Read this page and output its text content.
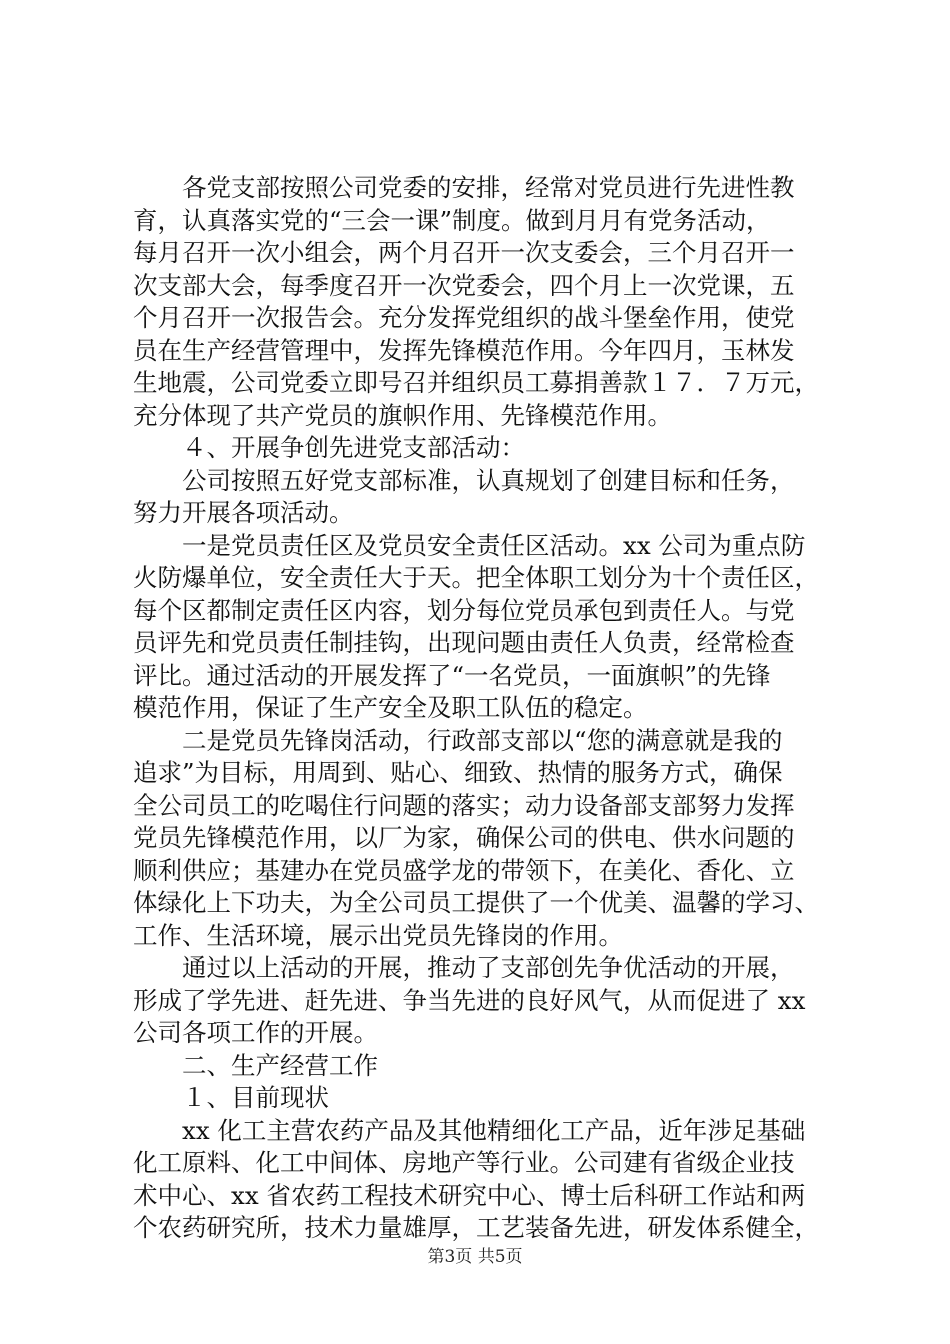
各党支部按照公司党委的安排，经常对党员进行先进性教
育，认真落实党的“三会一课”制度。做到月月有党务活动，
每月召开一次小组会，两个月召开一次支委会，三个月召开一
次支部大会，每季度召开一次党委会，四个月上一次党课，五
个月召开一次报告会。充分发挥党组织的战斗堡垒作用，使党
员在生产经营管理中，发挥先锋模范作用。今年四月，玉林发
生地震，公司党委立即号召并组织员工募捐善款１７．７万元，
充分体现了共产党员的旗帜作用、先锋模范作用。
４、开展争创先进党支部活动：
公司按照五好党支部标准，认真规划了创建目标和任务，
努力开展各项活动。
一是党员责任区及党员安全责任区活动。xx 公司为重点防
火防爆单位，安全责任大于天。把全体职工划分为十个责任区，
每个区都制定责任区内容，划分每位党员承包到责任人。与党
员评先和党员责任制挂钩，出现问题由责任人负责，经常检查
评比。通过活动的开展发挥了“一名党员，一面旗帜”的先锋
模范作用，保证了生产安全及职工队伍的稳定。
二是党员先锋岗活动，行政部支部以“您的满意就是我的
追求”为目标，用周到、贴心、细致、热情的服务方式，确保
全公司员工的吃喝住行问题的落实；动力设备部支部努力发挥
党员先锋模范作用，以厂为家，确保公司的供电、供水问题的
顺利供应；基建办在党员盛学龙的带领下，在美化、香化、立
体绿化上下功夫，为全公司员工提供了一个优美、温馨的学习、
工作、生活环境，展示出党员先锋岗的作用。
通过以上活动的开展，推动了支部创先争优活动的开展，
形成了学先进、赶先进、争当先进的良好风气，从而促进了 xx
公司各项工作的开展。
二、生产经营工作
１、目前现状
xx 化工主营农药产品及其他精细化工产品，近年涉足基础
化工原料、化工中间体、房地产等行业。公司建有省级企业技
术中心、xx 省农药工程技术研究中心、博士后科研工作站和两
个农药研究所，技术力量雄厚，工艺装备先进，研发体系健全，
第3页 共5页
